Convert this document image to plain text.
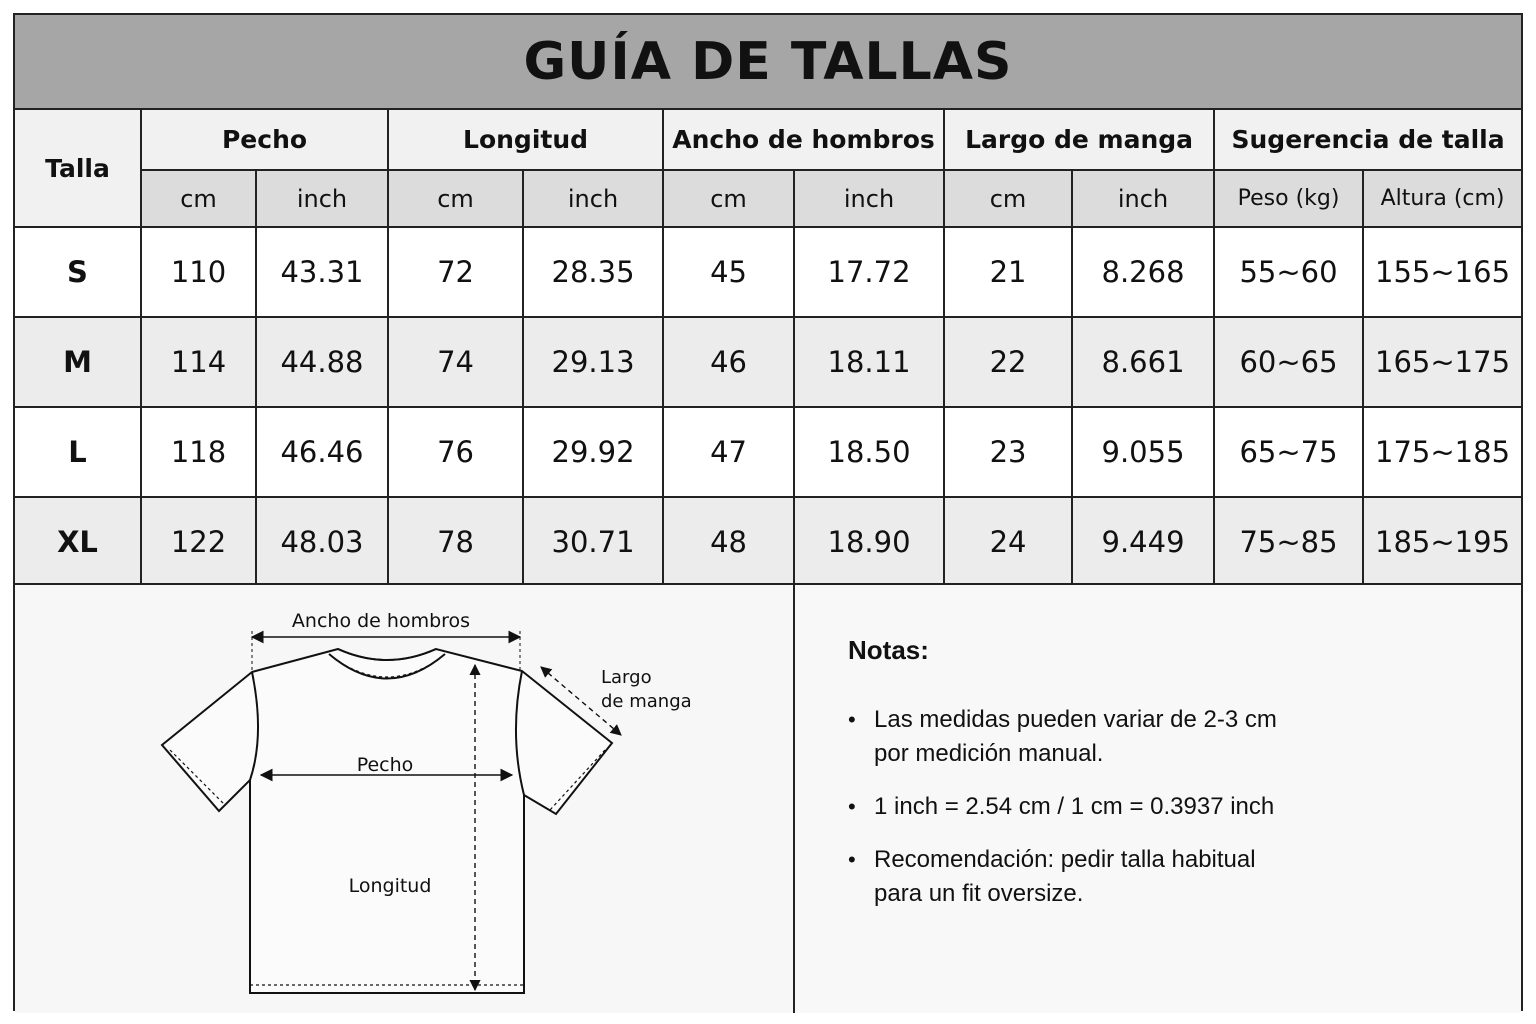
GUÍA DE TALLAS
Talla	Pecho		Longitud		Ancho de hombros		Largo de manga		Sugerencia de talla	
	cm	inch	cm	inch	cm	inch	cm	inch	Peso (kg)	Altura (cm)
S	110	43.31	72	28.35	45	17.72	21	8.268	55~60	155~165
M	114	44.88	74	29.13	46	18.11	22	8.661	60~65	165~175
L	118	46.46	76	29.92	47	18.50	23	9.055	65~75	175~185
XL	122	48.03	78	30.71	48	18.90	24	9.449	75~85	185~195
Ancho de hombros
Largo
de manga
Pecho
Longitud
Notas:
• Las medidas pueden variar de 2-3 cm
por medición manual.
• 1 inch = 2.54 cm / 1 cm = 0.3937 inch
• Recomendación: pedir talla habitual
para un fit oversize.
